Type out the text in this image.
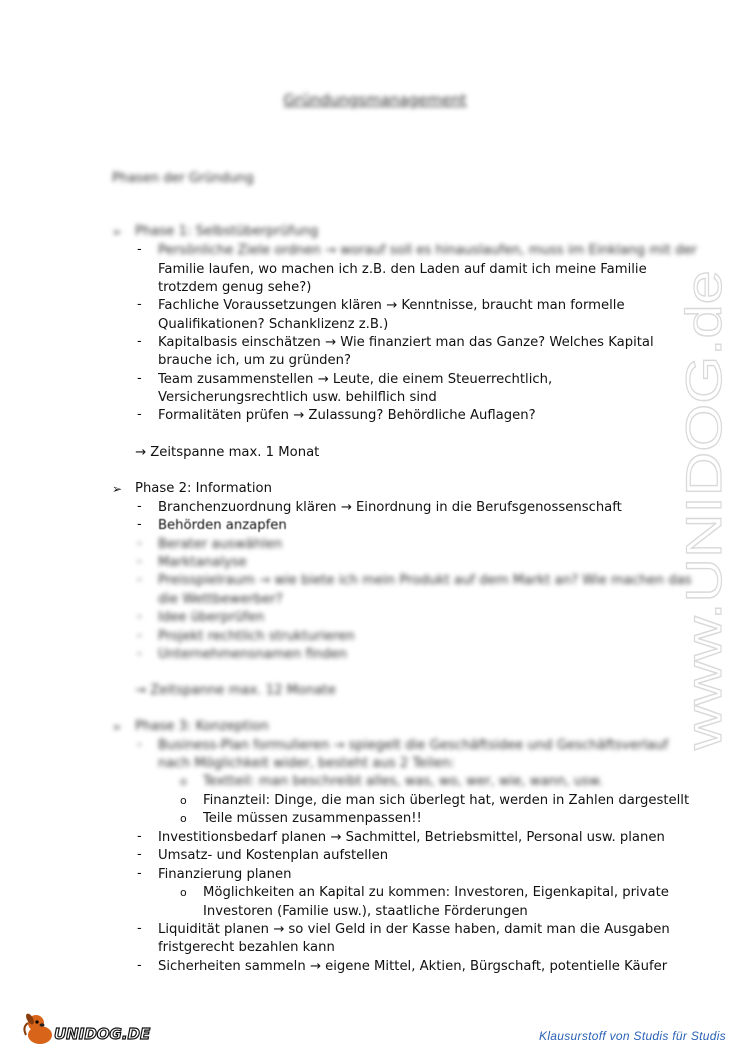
Gründungsmanagement
Phasen der Gründung
➢ Phase 1: Selbstüberprüfung
- Persönliche Ziele ordnen → worauf soll es hinauslaufen, muss im Einklang mit der
Familie laufen, wo machen ich z.B. den Laden auf damit ich meine Familie
trotzdem genug sehe?)
- Fachliche Voraussetzungen klären → Kenntnisse, braucht man formelle
Qualifikationen? Schanklizenz z.B.)
- Kapitalbasis einschätzen → Wie finanziert man das Ganze? Welches Kapital
brauche ich, um zu gründen?
- Team zusammenstellen → Leute, die einem Steuerrechtlich,
Versicherungsrechtlich usw. behilflich sind
- Formalitäten prüfen → Zulassung? Behördliche Auflagen?
→ Zeitspanne max. 1 Monat
➢ Phase 2: Information
- Branchenzuordnung klären → Einordnung in die Berufsgenossenschaft
- Behörden anzapfen
- Berater auswählen
- Marktanalyse
- Preisspielraum → wie biete ich mein Produkt auf dem Markt an? Wie machen das
die Wettbewerber?
- Idee überprüfen
- Projekt rechtlich strukturieren
- Unternehmensnamen finden
→ Zeitspanne max. 12 Monate
➢ Phase 3: Konzeption
- Business-Plan formulieren → spiegelt die Geschäftsidee und Geschäftsverlauf
nach Möglichkeit wider, besteht aus 2 Teilen:
o Textteil: man beschreibt alles, was, wo, wer, wie, wann, usw.
o Finanzteil: Dinge, die man sich überlegt hat, werden in Zahlen dargestellt
o Teile müssen zusammenpassen!!
- Investitionsbedarf planen → Sachmittel, Betriebsmittel, Personal usw. planen
- Umsatz- und Kostenplan aufstellen
- Finanzierung planen
o Möglichkeiten an Kapital zu kommen: Investoren, Eigenkapital, private
Investoren (Familie usw.), staatliche Förderungen
- Liquidität planen → so viel Geld in der Kasse haben, damit man die Ausgaben
fristgerecht bezahlen kann
- Sicherheiten sammeln → eigene Mittel, Aktien, Bürgschaft, potentielle Käufer
www.UNIDOG.de
UNIDOG.DE	Klausurstoff von Studis für Studis
